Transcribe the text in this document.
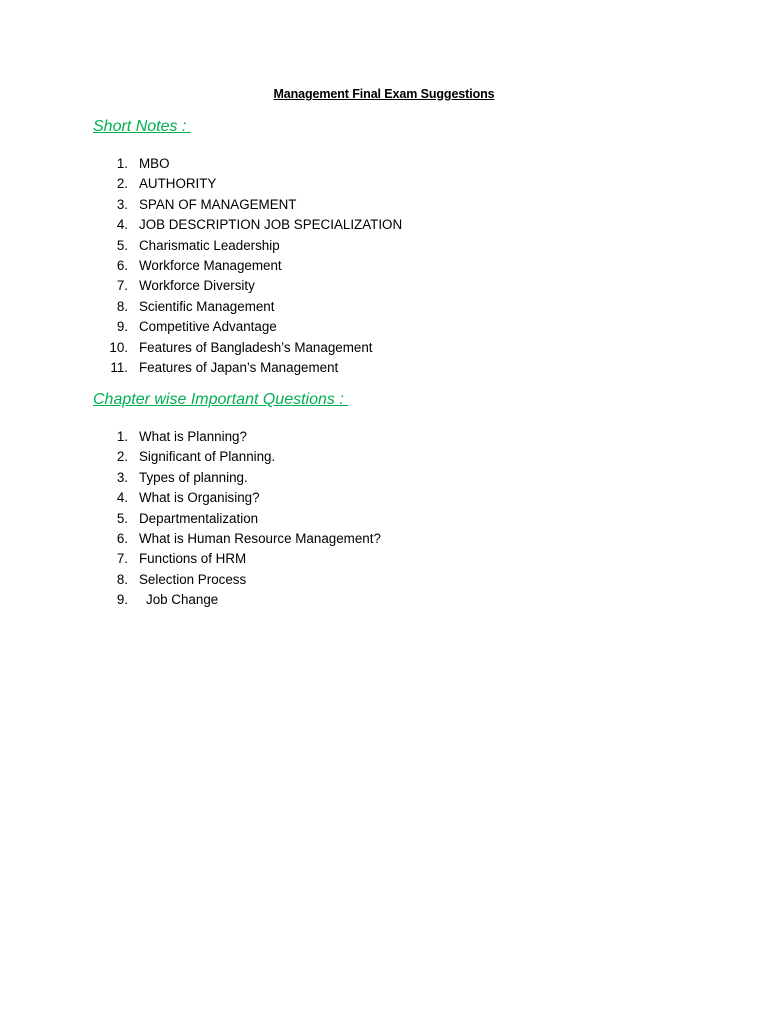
Management Final Exam Suggestions
Short Notes :
1. MBO
2. AUTHORITY
3. SPAN OF MANAGEMENT
4. JOB DESCRIPTION JOB SPECIALIZATION
5. Charismatic Leadership
6. Workforce Management
7. Workforce Diversity
8. Scientific Management
9. Competitive Advantage
10. Features of Bangladesh’s Management
11. Features of Japan’s Management
Chapter wise Important Questions :
1. What is Planning?
2. Significant of Planning.
3. Types of planning.
4. What is Organising?
5. Departmentalization
6. What is Human Resource Management?
7. Functions of HRM
8. Selection Process
9. Job Change
